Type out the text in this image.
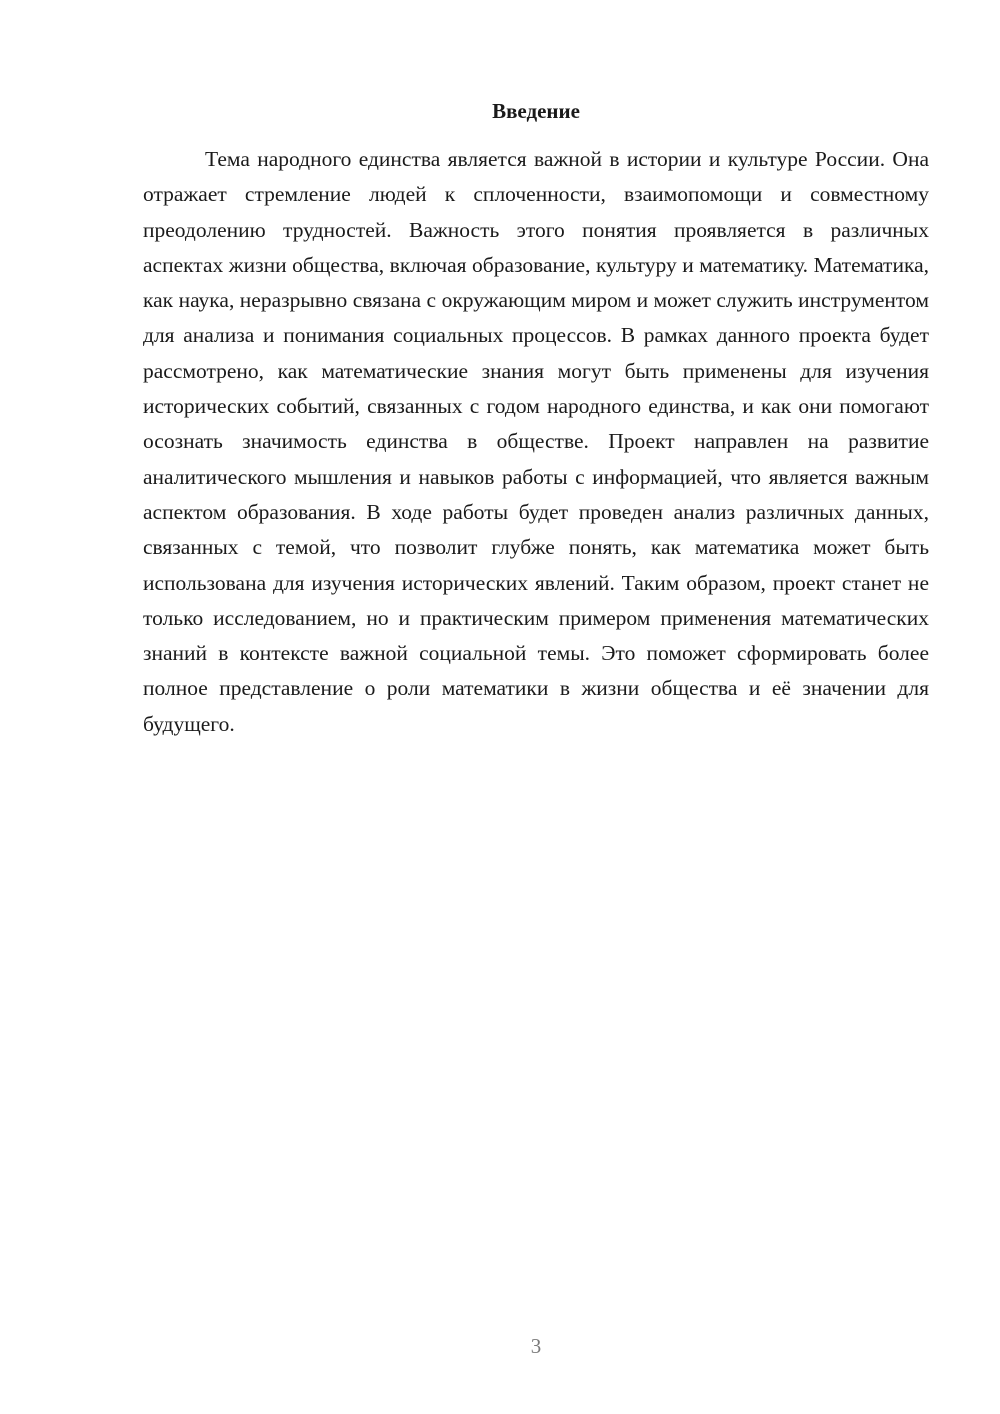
Введение

Тема народного единства является важной в истории и культуре России. Она отражает стремление людей к сплоченности, взаимопомощи и совместному преодолению трудностей. Важность этого понятия проявляется в различных аспектах жизни общества, включая образование, культуру и математику. Математика, как наука, неразрывно связана с окружающим миром и может служить инструментом для анализа и понимания социальных процессов. В рамках данного проекта будет рассмотрено, как математические знания могут быть применены для изучения исторических событий, связанных с годом народного единства, и как они помогают осознать значимость единства в обществе. Проект направлен на развитие аналитического мышления и навыков работы с информацией, что является важным аспектом образования. В ходе работы будет проведен анализ различных данных, связанных с темой, что позволит глубже понять, как математика может быть использована для изучения исторических явлений. Таким образом, проект станет не только исследованием, но и практическим примером применения математических знаний в контексте важной социальной темы. Это поможет сформировать более полное представление о роли математики в жизни общества и её значении для будущего.

3
